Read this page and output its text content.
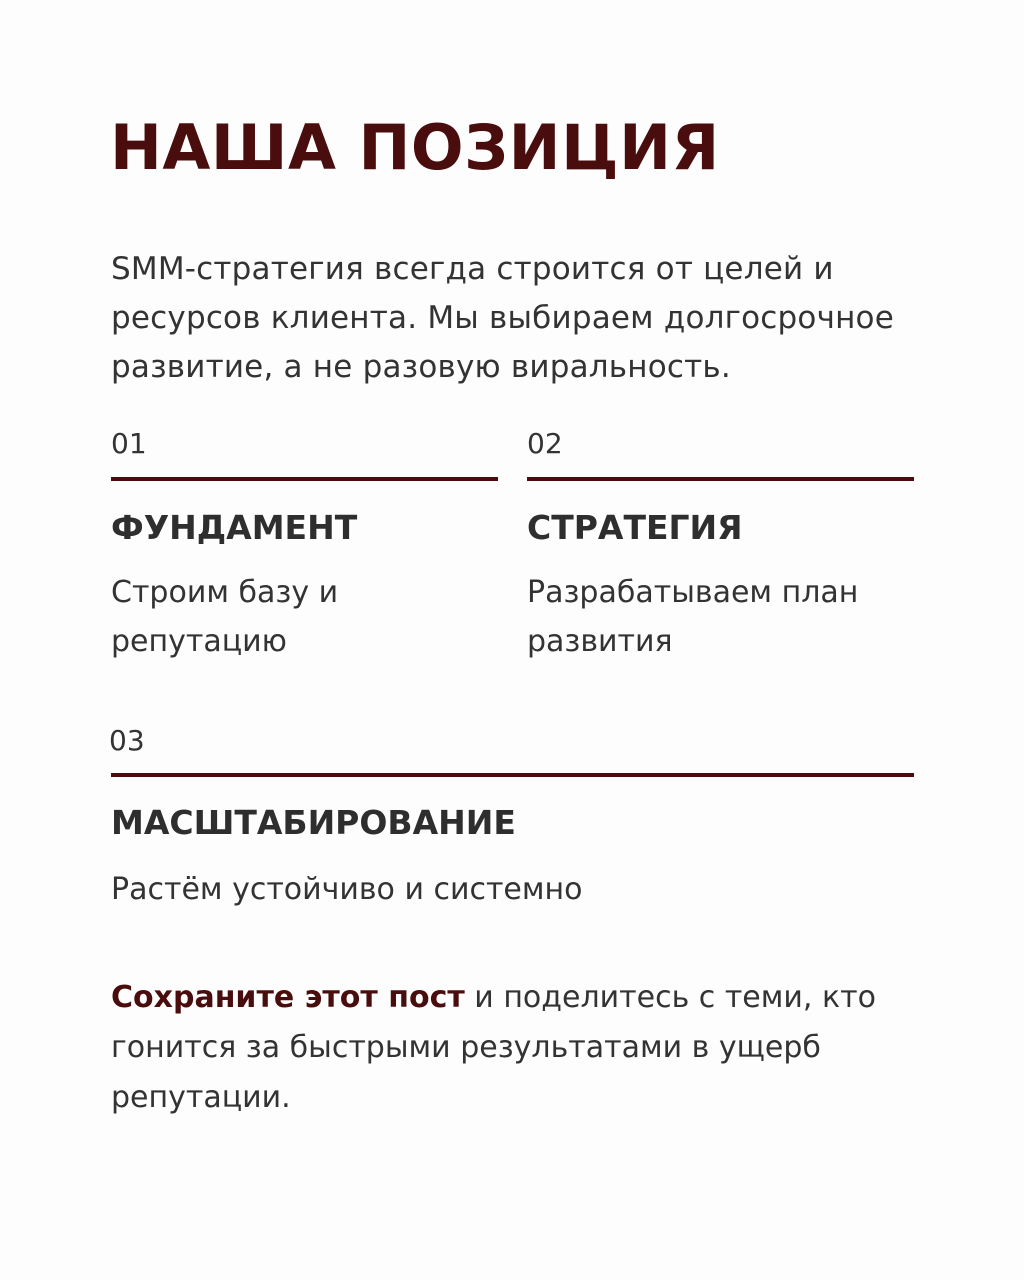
НАША ПОЗИЦИЯ

SMM-стратегия всегда строится от целей и ресурсов клиента. Мы выбираем долгосрочное развитие, а не разовую виральность.

01
ФУНДАМЕНТ

Строим базу и репутацию

02
СТРАТЕГИЯ

Разрабатываем план развития

03
МАСШТАБИРОВАНИЕ

Растём устойчиво и системно

Сохраните этот пост и поделитесь с теми, кто гонится за быстрыми результатами в ущерб репутации.
